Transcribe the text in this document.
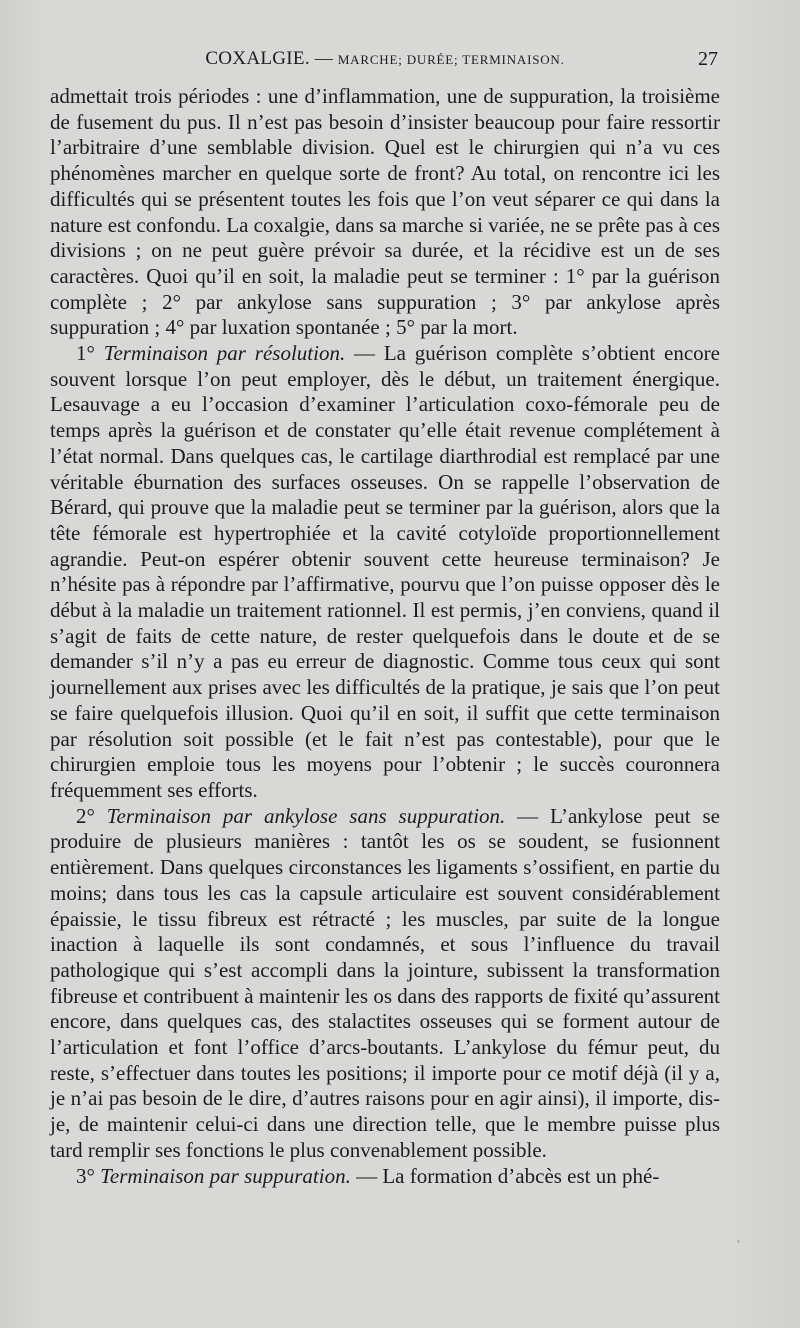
COXALGIE. — MARCHE; DURÉE; TERMINAISON.	27

admettait trois périodes : une d’inflammation, une de suppuration, la troisième de fusement du pus. Il n’est pas besoin d’insister beaucoup pour faire ressortir l’arbitraire d’une semblable division. Quel est le chirurgien qui n’a vu ces phénomènes marcher en quelque sorte de front? Au total, on rencontre ici les difficultés qui se présentent toutes les fois que l’on veut séparer ce qui dans la nature est confondu. La coxalgie, dans sa marche si variée, ne se prête pas à ces divisions ; on ne peut guère prévoir sa durée, et la récidive est un de ses caractères. Quoi qu’il en soit, la maladie peut se terminer : 1° par la guérison complète ; 2° par ankylose sans suppuration ; 3° par ankylose après suppuration ; 4° par luxation spontanée ; 5° par la mort.

1° Terminaison par résolution. — La guérison complète s’obtient encore souvent lorsque l’on peut employer, dès le début, un traitement énergique. Lesauvage a eu l’occasion d’examiner l’articulation coxo-fémorale peu de temps après la guérison et de constater qu’elle était revenue complétement à l’état normal. Dans quelques cas, le cartilage diarthrodial est remplacé par une véritable éburnation des surfaces osseuses. On se rappelle l’observation de Bérard, qui prouve que la maladie peut se terminer par la guérison, alors que la tête fémorale est hypertrophiée et la cavité cotyloïde proportionnellement agrandie. Peut-on espérer obtenir souvent cette heureuse terminaison? Je n’hésite pas à répondre par l’affirmative, pourvu que l’on puisse opposer dès le début à la maladie un traitement rationnel. Il est permis, j’en conviens, quand il s’agit de faits de cette nature, de rester quelquefois dans le doute et de se demander s’il n’y a pas eu erreur de diagnostic. Comme tous ceux qui sont journellement aux prises avec les difficultés de la pratique, je sais que l’on peut se faire quelquefois illusion. Quoi qu’il en soit, il suffit que cette terminaison par résolution soit possible (et le fait n’est pas contestable), pour que le chirurgien emploie tous les moyens pour l’obtenir ; le succès couronnera fréquemment ses efforts.

2° Terminaison par ankylose sans suppuration. — L’ankylose peut se produire de plusieurs manières : tantôt les os se soudent, se fusionnent entièrement. Dans quelques circonstances les ligaments s’ossifient, en partie du moins; dans tous les cas la capsule articulaire est souvent considérablement épaissie, le tissu fibreux est rétracté ; les muscles, par suite de la longue inaction à laquelle ils sont condamnés, et sous l’influence du travail pathologique qui s’est accompli dans la jointure, subissent la transformation fibreuse et contribuent à maintenir les os dans des rapports de fixité qu’assurent encore, dans quelques cas, des stalactites osseuses qui se forment autour de l’articulation et font l’office d’arcs-boutants. L’ankylose du fémur peut, du reste, s’effectuer dans toutes les positions; il importe pour ce motif déjà (il y a, je n’ai pas besoin de le dire, d’autres raisons pour en agir ainsi), il importe, dis-je, de maintenir celui-ci dans une direction telle, que le membre puisse plus tard remplir ses fonctions le plus convenablement possible.

3° Terminaison par suppuration. — La formation d’abcès est un phé-
